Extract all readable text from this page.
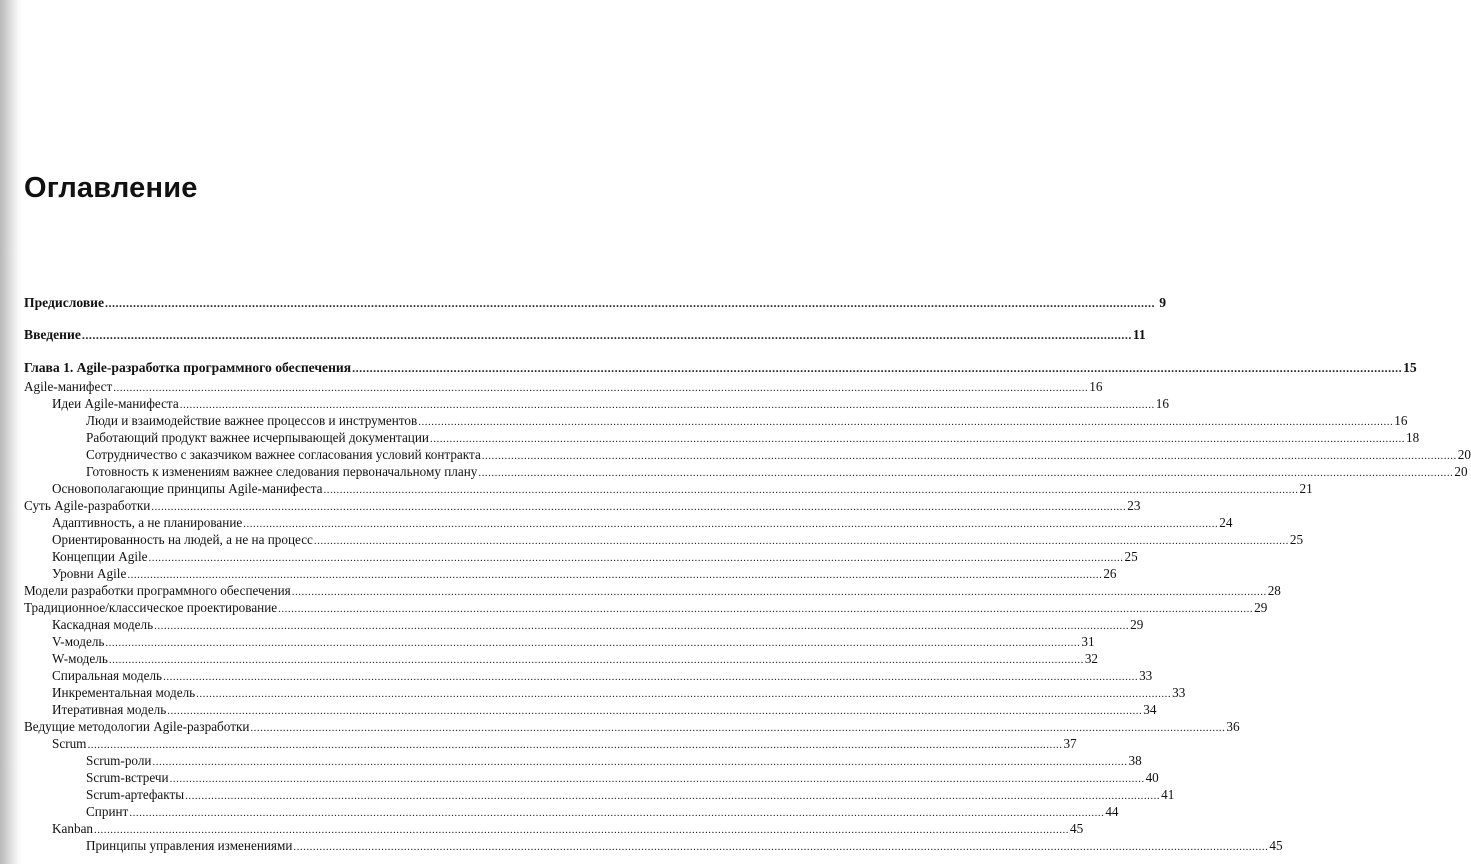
Оглавление
Предисловие ............................................................................................................................................................................................................................................................................................................ 9
Введение ............................................................................................................................................................................................................................................................................................................ 11
Глава 1. Agile-разработка программного обеспечения ............................................................................................................................................................................................................................................................................................................ 15
Agile-манифест ............................................................................................................................................................................................................................................................................................................ 16
Идеи Agile-манифеста ............................................................................................................................................................................................................................................................................................................ 16
Люди и взаимодействие важнее процессов и инструментов ............................................................................................................................................................................................................................................................................................................ 16
Работающий продукт важнее исчерпывающей документации ............................................................................................................................................................................................................................................................................................................ 18
Сотрудничество с заказчиком важнее согласования условий контракта ............................................................................................................................................................................................................................................................................................................ 20
Готовность к изменениям важнее следования первоначальному плану ............................................................................................................................................................................................................................................................................................................ 20
Основополагающие принципы Agile-манифеста ............................................................................................................................................................................................................................................................................................................ 21
Суть Agile-разработки ............................................................................................................................................................................................................................................................................................................ 23
Адаптивность, а не планирование ............................................................................................................................................................................................................................................................................................................ 24
Ориентированность на людей, а не на процесс ............................................................................................................................................................................................................................................................................................................ 25
Концепции Agile ............................................................................................................................................................................................................................................................................................................ 25
Уровни Agile ............................................................................................................................................................................................................................................................................................................ 26
Модели разработки программного обеспечения ............................................................................................................................................................................................................................................................................................................ 28
Традиционное/классическое проектирование ............................................................................................................................................................................................................................................................................................................ 29
Каскадная модель ............................................................................................................................................................................................................................................................................................................ 29
V-модель ............................................................................................................................................................................................................................................................................................................ 31
W-модель ............................................................................................................................................................................................................................................................................................................ 32
Спиральная модель ............................................................................................................................................................................................................................................................................................................ 33
Инкрементальная модель ............................................................................................................................................................................................................................................................................................................ 33
Итеративная модель ............................................................................................................................................................................................................................................................................................................ 34
Ведущие методологии Agile-разработки ............................................................................................................................................................................................................................................................................................................ 36
Scrum ............................................................................................................................................................................................................................................................................................................ 37
Scrum-роли ............................................................................................................................................................................................................................................................................................................ 38
Scrum-встречи ............................................................................................................................................................................................................................................................................................................ 40
Scrum-артефакты ............................................................................................................................................................................................................................................................................................................ 41
Спринт ............................................................................................................................................................................................................................................................................................................ 44
Kanban ............................................................................................................................................................................................................................................................................................................ 45
Принципы управления изменениями ............................................................................................................................................................................................................................................................................................................ 45
